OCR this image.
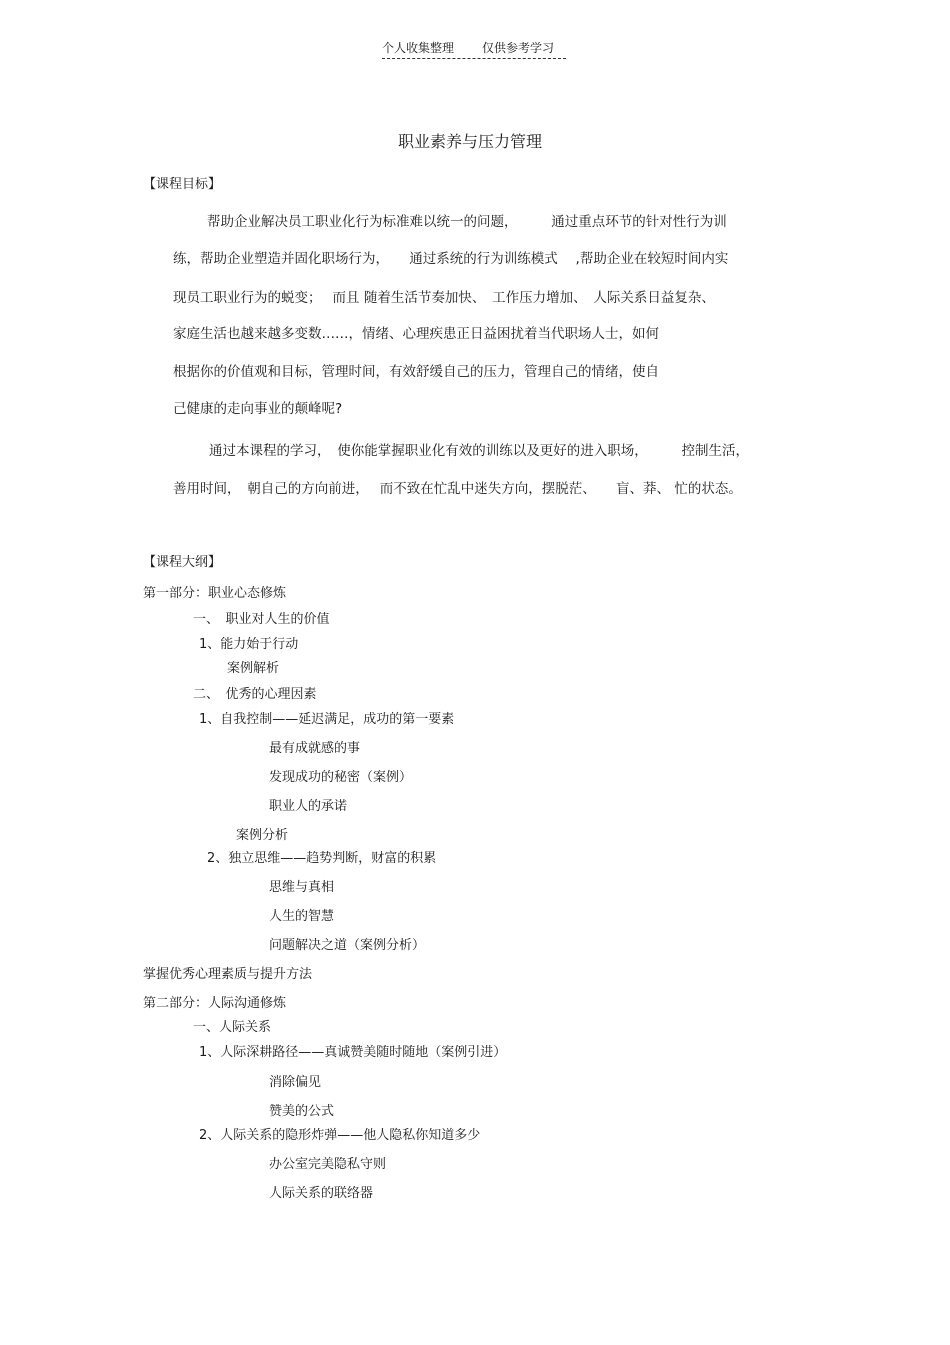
个人收集整理 仅供参考学习
职业素养与压力管理
【课程目标】
帮助企业解决员工职业化行为标准难以统一的问题，　　　通过重点环节的针对性行为训
练，帮助企业塑造并固化职场行为，　　通过系统的行为训练模式　 ,帮助企业在较短时间内实
现员工职业行为的蜕变；　 而且 随着生活节奏加快、　工作压力增加、　人际关系日益复杂、
家庭生活也越来越多变数……，情绪、心理疾患正日益困扰着当代职场人士，如何
根据你的价值观和目标，管理时间，有效舒缓自己的压力，管理自己的情绪，使自
己健康的走向事业的颠峰呢?
通过本课程的学习，　使你能掌握职业化有效的训练以及更好的进入职场，　　　控制生活，
善用时间，　朝自己的方向前进，　 而不致在忙乱中迷失方向，摆脱茫、　　盲、莽、 忙的状态。
【课程大纲】
第一部分：职业心态修炼
一、　职业对人生的价值
1、能力始于行动
案例解析
二、　优秀的心理因素
1、自我控制——延迟满足，成功的第一要素
最有成就感的事
发现成功的秘密（案例）
职业人的承诺
案例分析
2、独立思维——趋势判断，财富的积累
思维与真相
人生的智慧
问题解决之道（案例分析）
掌握优秀心理素质与提升方法
第二部分：人际沟通修炼
一、人际关系
1、人际深耕路径——真诚赞美随时随地（案例引进）
消除偏见
赞美的公式
2、人际关系的隐形炸弹——他人隐私你知道多少
办公室完美隐私守则
人际关系的联络器
